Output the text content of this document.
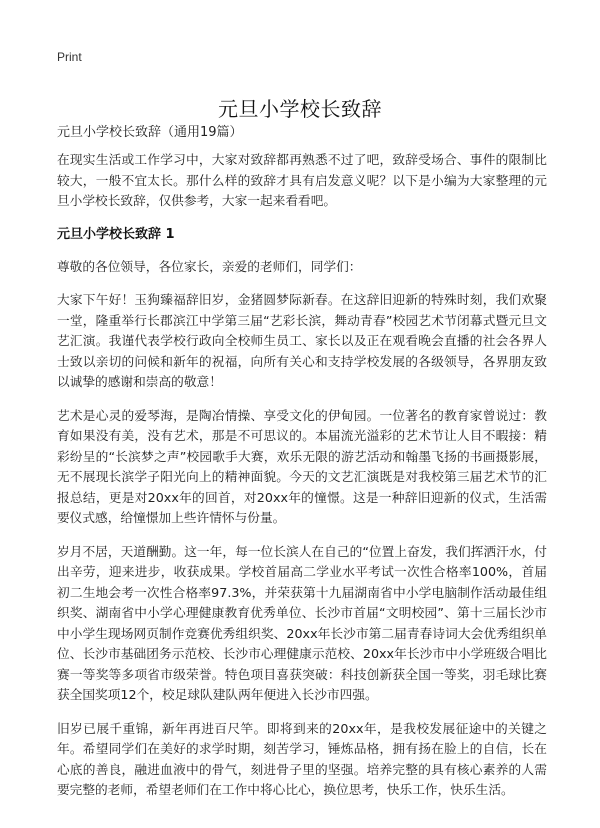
Print
元旦小学校长致辞
元旦小学校长致辞（通用19篇）

在现实生活或工作学习中，大家对致辞都再熟悉不过了吧，致辞受场合、事件的限制比较大，一般不宜太长。那什么样的致辞才具有启发意义呢？以下是小编为大家整理的元旦小学校长致辞，仅供参考，大家一起来看看吧。

元旦小学校长致辞 1

尊敬的各位领导，各位家长，亲爱的老师们，同学们：

大家下午好！玉狗臻福辞旧岁，金猪圆梦际新春。在这辞旧迎新的特殊时刻，我们欢聚一堂，隆重举行长郡滨江中学第三届“艺彩长滨，舞动青春”校园艺术节闭幕式暨元旦文艺汇演。我谨代表学校行政向全校师生员工、家长以及正在观看晚会直播的社会各界人士致以亲切的问候和新年的祝福，向所有关心和支持学校发展的各级领导，各界朋友致以诚挚的感谢和崇高的敬意！

艺术是心灵的爱琴海，是陶冶情操、享受文化的伊甸园。一位著名的教育家曾说过：教育如果没有美，没有艺术，那是不可思议的。本届流光溢彩的艺术节让人目不暇接：精彩纷呈的“长滨梦之声”校园歌手大赛，欢乐无限的游艺活动和翰墨飞扬的书画摄影展，无不展现长滨学子阳光向上的精神面貌。今天的文艺汇演既是对我校第三届艺术节的汇报总结，更是对20xx年的回首，对20xx年的憧憬。这是一种辞旧迎新的仪式，生活需要仪式感，给憧憬加上些许情怀与份量。

岁月不居，天道酬勤。这一年，每一位长滨人在自己的“位置上奋发，我们挥洒汗水，付出辛劳，迎来进步，收获成果。学校首届高二学业水平考试一次性合格率100%，首届初二生地会考一次性合格率97.3%，并荣获第十九届湖南省中小学电脑制作活动最佳组织奖、湖南省中小学心理健康教育优秀单位、长沙市首届“文明校园”、第十三届长沙市中小学生现场网页制作竞赛优秀组织奖、20xx年长沙市第二届青春诗词大会优秀组织单位、长沙市基础团务示范校、长沙市心理健康示范校、20xx年长沙市中小学班级合唱比赛一等奖等多项省市级荣誉。特色项目喜获突破：科技创新获全国一等奖，羽毛球比赛获全国奖项12个，校足球队建队两年便进入长沙市四强。

旧岁已展千重锦，新年再进百尺竿。即将到来的20xx年，是我校发展征途中的关键之年。希望同学们在美好的求学时期，刻苦学习，锤炼品格，拥有扬在脸上的自信，长在心底的善良，融进血液中的骨气，刻进骨子里的坚强。培养完整的具有核心素养的人需要完整的老师，希望老师们在工作中将心比心，换位思考，快乐工作，快乐生活。
